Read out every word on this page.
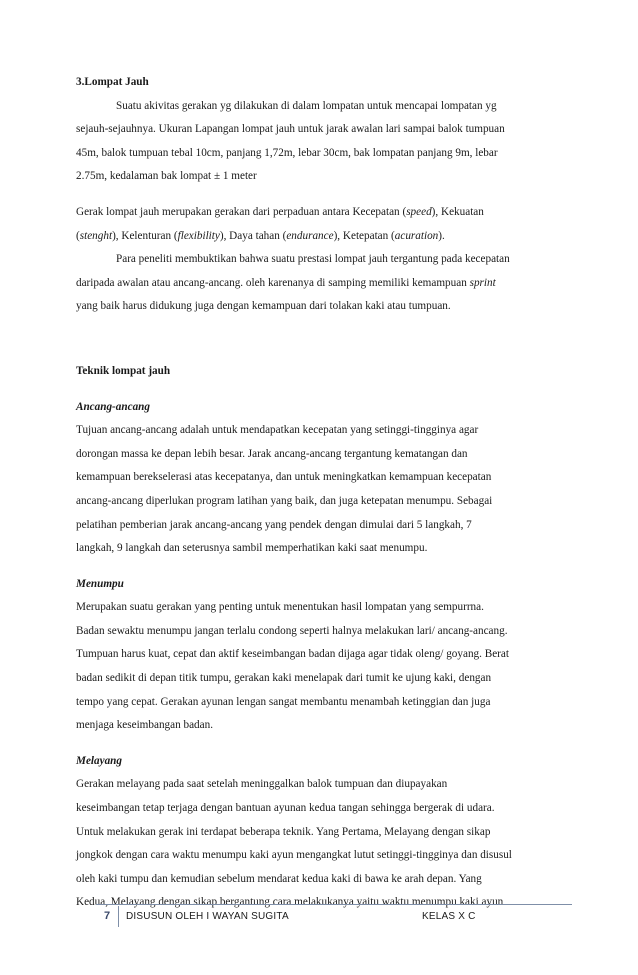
3.Lompat Jauh

Suatu akivitas gerakan yg dilakukan di dalam lompatan untuk mencapai lompatan yg

sejauh-sejauhnya. Ukuran Lapangan lompat jauh untuk jarak awalan lari sampai balok tumpuan

45m, balok tumpuan tebal 10cm, panjang 1,72m, lebar 30cm, bak lompatan panjang 9m, lebar

2.75m, kedalaman bak lompat ± 1 meter

Gerak lompat jauh merupakan gerakan dari perpaduan antara Kecepatan (speed), Kekuatan

(stenght), Kelenturan (flexibility), Daya tahan (endurance), Ketepatan (acuration).

Para peneliti membuktikan bahwa suatu prestasi lompat jauh tergantung pada kecepatan

daripada awalan atau ancang-ancang. oleh karenanya di samping memiliki kemampuan sprint

yang baik harus didukung juga dengan kemampuan dari tolakan kaki atau tumpuan.

Teknik lompat jauh
Ancang-ancang

Tujuan ancang-ancang adalah untuk mendapatkan kecepatan yang setinggi-tingginya agar

dorongan massa ke depan lebih besar. Jarak ancang-ancang tergantung kematangan dan

kemampuan berekselerasi atas kecepatanya, dan untuk meningkatkan kemampuan kecepatan

ancang-ancang diperlukan program latihan yang baik, dan juga ketepatan menumpu. Sebagai

pelatihan pemberian jarak ancang-ancang yang pendek dengan dimulai dari 5 langkah, 7

langkah, 9 langkah dan seterusnya sambil memperhatikan kaki saat menumpu.

Menumpu

Merupakan suatu gerakan yang penting untuk menentukan hasil lompatan yang sempurrna.

Badan sewaktu menumpu jangan terlalu condong seperti halnya melakukan lari/ ancang-ancang.

Tumpuan harus kuat, cepat dan aktif keseimbangan badan dijaga agar tidak oleng/ goyang. Berat

badan sedikit di depan titik tumpu, gerakan kaki menelapak dari tumit ke ujung kaki, dengan

tempo yang cepat. Gerakan ayunan lengan sangat membantu menambah ketinggian dan juga

menjaga keseimbangan badan.

Melayang

Gerakan melayang pada saat setelah meninggalkan balok tumpuan dan diupayakan

keseimbangan tetap terjaga dengan bantuan ayunan kedua tangan sehingga bergerak di udara.

Untuk melakukan gerak ini terdapat beberapa teknik. Yang Pertama, Melayang dengan sikap

jongkok dengan cara waktu menumpu kaki ayun mengangkat lutut setinggi-tingginya dan disusul

oleh kaki tumpu dan kemudian sebelum mendarat kedua kaki di bawa ke arah depan. Yang

Kedua, Melayang dengan sikap bergantung cara melakukanya yaitu waktu menumpu kaki ayun

7	DISUSUN OLEH I WAYAN SUGITA	KELAS X C
